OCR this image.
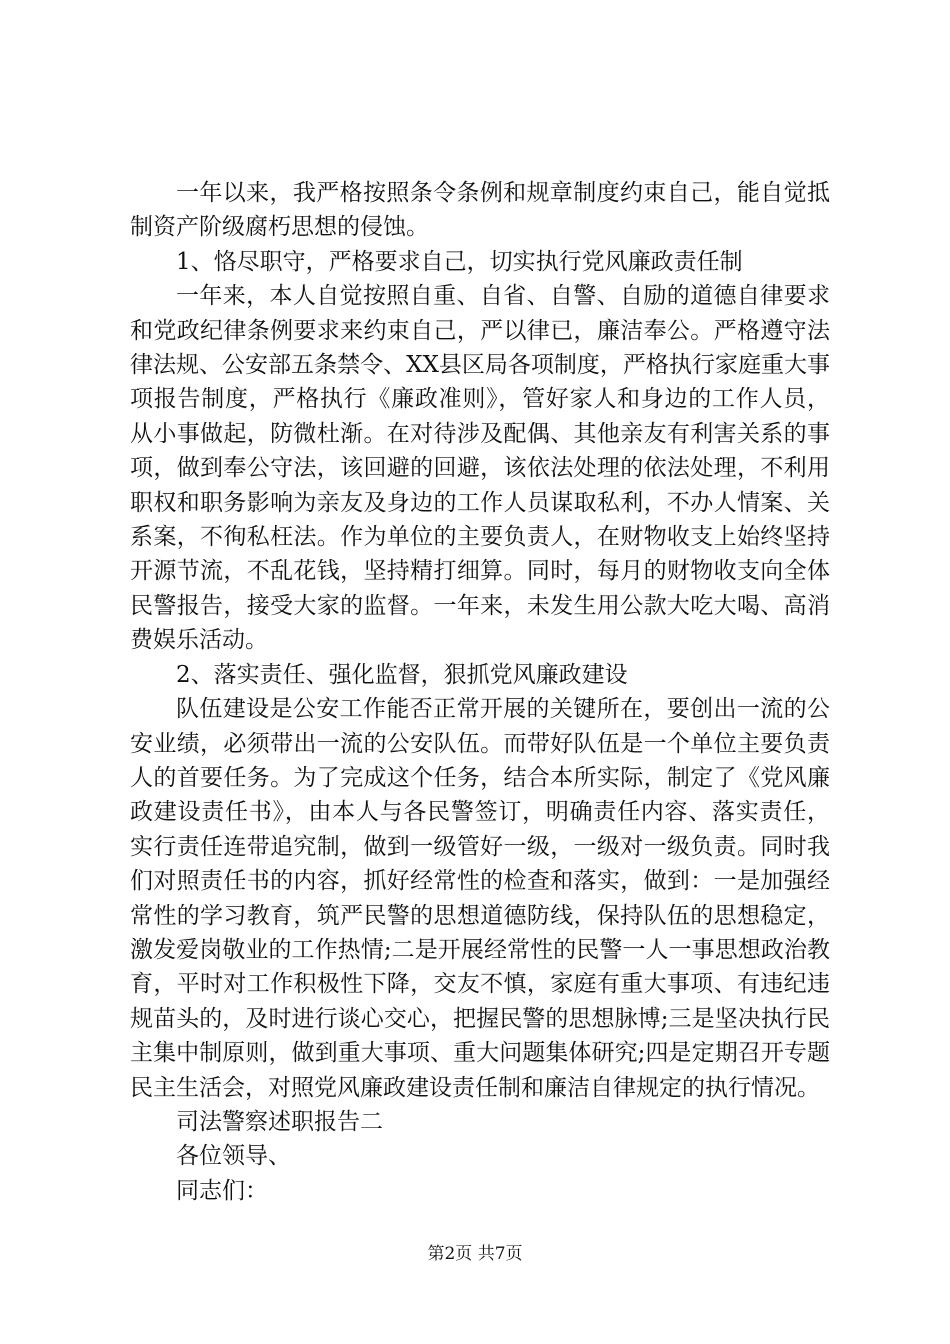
一年以来，我严格按照条令条例和规章制度约束自己，能自觉抵制资产阶级腐朽思想的侵蚀。

1、恪尽职守，严格要求自己，切实执行党风廉政责任制

一年来，本人自觉按照自重、自省、自警、自励的道德自律要求和党政纪律条例要求来约束自己，严以律已，廉洁奉公。严格遵守法律法规、公安部五条禁令、XX县区局各项制度，严格执行家庭重大事项报告制度，严格执行《廉政准则》，管好家人和身边的工作人员，从小事做起，防微杜渐。在对待涉及配偶、其他亲友有利害关系的事项，做到奉公守法，该回避的回避，该依法处理的依法处理，不利用职权和职务影响为亲友及身边的工作人员谋取私利，不办人情案、关系案，不徇私枉法。作为单位的主要负责人，在财物收支上始终坚持开源节流，不乱花钱，坚持精打细算。同时，每月的财物收支向全体民警报告，接受大家的监督。一年来，未发生用公款大吃大喝、高消费娱乐活动。

2、落实责任、强化监督，狠抓党风廉政建设

队伍建设是公安工作能否正常开展的关键所在，要创出一流的公安业绩，必须带出一流的公安队伍。而带好队伍是一个单位主要负责人的首要任务。为了完成这个任务，结合本所实际，制定了《党风廉政建设责任书》，由本人与各民警签订，明确责任内容、落实责任，实行责任连带追究制，做到一级管好一级，一级对一级负责。同时我们对照责任书的内容，抓好经常性的检查和落实，做到：一是加强经常性的学习教育，筑严民警的思想道德防线，保持队伍的思想稳定，激发爱岗敬业的工作热情;二是开展经常性的民警一人一事思想政治教育，平时对工作积极性下降，交友不慎，家庭有重大事项、有违纪违规苗头的，及时进行谈心交心，把握民警的思想脉博;三是坚决执行民主集中制原则，做到重大事项、重大问题集体研究;四是定期召开专题民主生活会，对照党风廉政建设责任制和廉洁自律规定的执行情况。

司法警察述职报告二

各位领导、

同志们：

第2页 共7页
